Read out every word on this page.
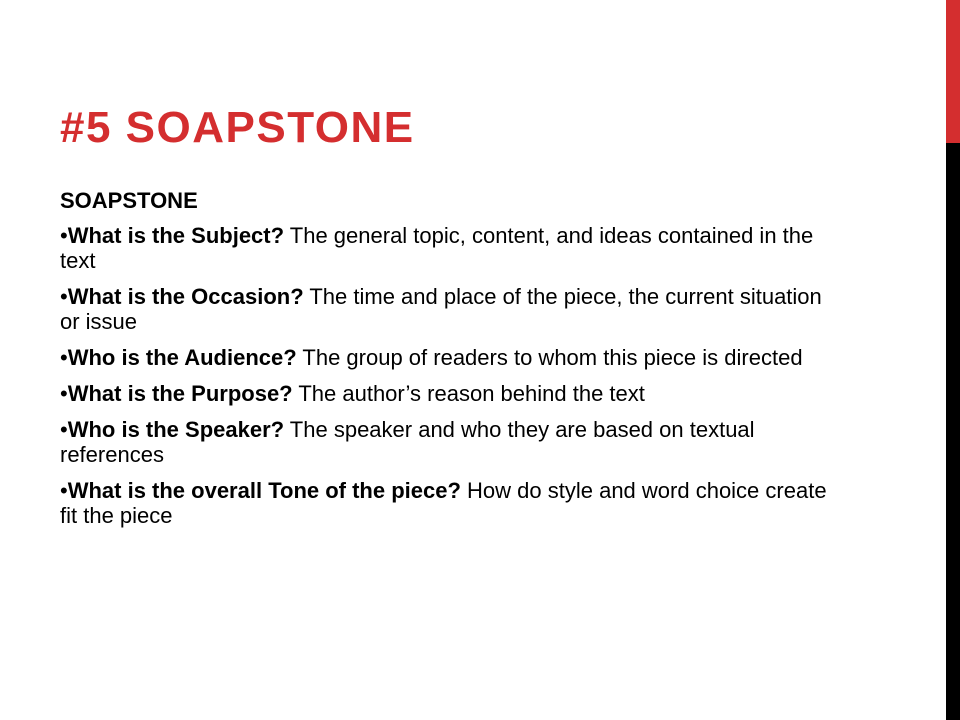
#5 SOAPSTONE
SOAPSTONE
•What is the Subject? The general topic, content, and ideas contained in the text
•What is the Occasion? The time and place of the piece, the current situation or issue
•Who is the Audience? The group of readers to whom this piece is directed
•What is the Purpose? The author’s reason behind the text
•Who is the Speaker? The speaker and who they are based on textual references
•What is the overall Tone of the piece? How do style and word choice create fit the piece
